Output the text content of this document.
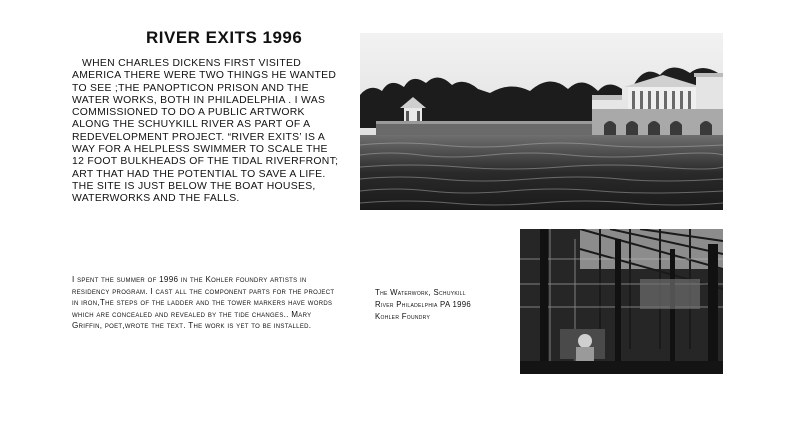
RIVER EXITS 1996

WHEN CHARLES DICKENS FIRST VISITED AMERICA THERE WERE TWO THINGS HE WANTED TO SEE ;THE PANOPTICON PRISON AND THE WATER WORKS, BOTH IN PHILADELPHIA . I WAS COMMISSIONED TO DO A PUBLIC ARTWORK ALONG THE SCHUYKILL RIVER AS PART OF A REDEVELOPMENT PROJECT. “RIVER EXITS’ IS A WAY FOR A HELPLESS SWIMMER TO SCALE THE 12 FOOT BULKHEADS OF THE TIDAL RIVERFRONT; ART THAT HAD THE POTENTIAL TO SAVE A LIFE. THE SITE IS JUST BELOW THE BOAT HOUSES, WATERWORKS AND THE FALLS.

I spent the summer of 1996 in the Kohler foundry artists in residency program. I cast all the component parts for the project in iron,The steps of the ladder and the tower markers have words which are concealed and revealed by the tide changes.. Mary Griffin, poet,wrote the text. The work is yet to be installed.

The Waterwork, Schuykill
River Philadelphia PA 1996
Kohler Foundry
